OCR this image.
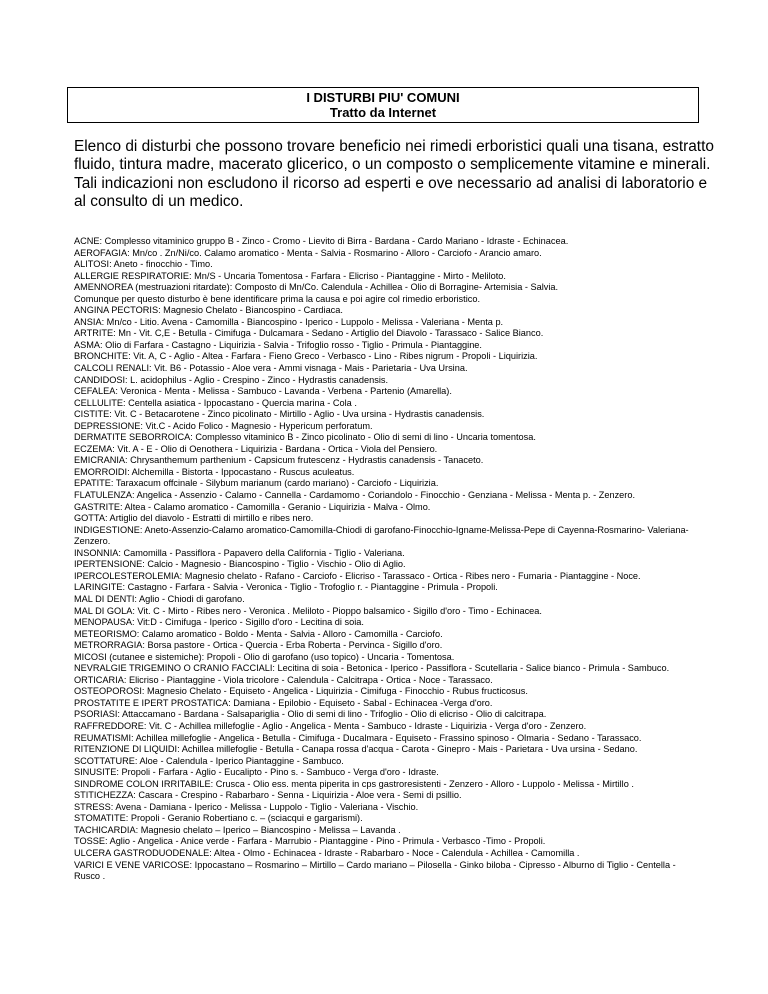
I DISTURBI PIU' COMUNI
Tratto da Internet
Elenco di disturbi che possono trovare beneficio nei rimedi erboristici quali una tisana, estratto fluido, tintura madre, macerato glicerico, o un composto o semplicemente vitamine e minerali.
Tali indicazioni non escludono il ricorso ad esperti e ove necessario ad analisi di laboratorio e al consulto di un medico.

ACNE: Complesso vitaminico gruppo B - Zinco - Cromo - Lievito di Birra - Bardana - Cardo Mariano - Idraste - Echinacea.

AEROFAGIA: Mn/co . Zn/Ni/co. Calamo aromatico - Menta - Salvia - Rosmarino - Alloro - Carciofo - Arancio amaro.

ALITOSI: Aneto - finocchio - Timo.

ALLERGIE RESPIRATORIE: Mn/S - Uncaria Tomentosa - Farfara - Elicriso - Piantaggine - Mirto - Meliloto.

AMENNOREA (mestruazioni ritardate): Composto di Mn/Co. Calendula - Achillea - Olio di Borragine- Artemisia - Salvia.

Comunque per questo disturbo è bene identificare prima la causa e poi agire col rimedio erboristico.

ANGINA PECTORIS: Magnesio Chelato - Biancospino - Cardiaca.

ANSIA: Mn/co - Litio. Avena - Camomilla - Biancospino - Iperico - Luppolo - Melissa - Valeriana - Menta p.

ARTRITE: Mn - Vit. C,E - Betulla - Cimifuga - Dulcamara - Sedano - Artiglio del Diavolo - Tarassaco - Salice Bianco.

ASMA: Olio di Farfara - Castagno - Liquirizia - Salvia - Trifoglio rosso - Tiglio - Primula - Piantaggine.

BRONCHITE: Vit. A, C - Aglio - Altea - Farfara - Fieno Greco - Verbasco - Lino - Ribes nigrum - Propoli - Liquirizia.

CALCOLI RENALI: Vit. B6 - Potassio - Aloe vera - Ammi visnaga - Mais - Parietaria - Uva Ursina.

CANDIDOSI: L. acidophilus - Aglio - Crespino - Zinco - Hydrastis canadensis.

CEFALEA: Veronica - Menta - Melissa - Sambuco - Lavanda - Verbena - Partenio (Amarella).

CELLULITE: Centella asiatica - Ippocastano - Quercia marina - Cola .

CISTITE: Vit. C - Betacarotene - Zinco picolinato - Mirtillo - Aglio - Uva ursina - Hydrastis canadensis.

DEPRESSIONE: Vit.C - Acido Folico - Magnesio - Hypericum perforatum.

DERMATITE SEBORROICA: Complesso vitaminico B - Zinco picolinato - Olio di semi di lino - Uncaria tomentosa.

ECZEMA: Vit. A - E - Olio di Oenothera - Liquirizia - Bardana - Ortica - Viola del Pensiero.

EMICRANIA: Chrysanthemum parthenium - Capsicum frutescenz - Hydrastis canadensis - Tanaceto.

EMORROIDI: Alchemilla - Bistorta - Ippocastano - Ruscus aculeatus.

EPATITE: Taraxacum offcinale - Silybum marianum (cardo mariano) - Carciofo - Liquirizia.

FLATULENZA: Angelica - Assenzio - Calamo - Cannella - Cardamomo - Coriandolo - Finocchio - Genziana - Melissa - Menta p. - Zenzero.

GASTRITE: Altea - Calamo aromatico - Camomilla - Geranio - Liquirizia - Malva - Olmo.

GOTTA: Artiglio del diavolo - Estratti di mirtillo e ribes nero.

INDIGESTIONE: Aneto-Assenzio-Calamo aromatico-Camomilla-Chiodi di garofano-Finocchio-Igname-Melissa-Pepe di Cayenna-Rosmarino- Valeriana-Zenzero.

INSONNIA: Camomilla - Passiflora - Papavero della California - Tiglio - Valeriana.

IPERTENSIONE: Calcio - Magnesio - Biancospino - Tiglio - Vischio - Olio di Aglio.

IPERCOLESTEROLEMIA: Magnesio chelato - Rafano - Carciofo - Elicriso - Tarassaco - Ortica - Ribes nero - Fumaria - Piantaggine - Noce.

LARINGITE: Castagno - Farfara - Salvia - Veronica - Tiglio - Trofoglio r. - Piantaggine - Primula - Propoli.

MAL DI DENTI: Aglio - Chiodi di garofano.

MAL DI GOLA: Vit. C - Mirto - Ribes nero - Veronica . Meliloto - Pioppo balsamico - Sigillo d'oro - Timo - Echinacea.

MENOPAUSA: Vit:D - Cimifuga - Iperico - Sigillo d'oro - Lecitina di soia.

METEORISMO: Calamo aromatico - Boldo - Menta - Salvia - Alloro - Camomilla - Carciofo.

METRORRAGIA: Borsa pastore - Ortica - Quercia - Erba Roberta - Pervinca - Sigillo d'oro.

MICOSI (cutanee e sistemiche): Propoli - Olio di garofano (uso topico) - Uncaria - Tomentosa.

NEVRALGIE TRIGEMINO O CRANIO FACCIALI: Lecitina di soia - Betonica - Iperico - Passiflora - Scutellaria - Salice bianco - Primula - Sambuco.

ORTICARIA: Elicriso - Piantaggine - Viola tricolore - Calendula - Calcitrapa - Ortica - Noce - Tarassaco.

OSTEOPOROSI: Magnesio Chelato - Equiseto - Angelica - Liquirizia - Cimifuga - Finocchio - Rubus fructicosus.

PROSTATITE E IPERT PROSTATICA: Damiana - Epilobio - Equiseto - Sabal - Echinacea -Verga d'oro.

PSORIASI: Attaccamano - Bardana - Salsapariglia - Olio di semi di lino - Trifoglio - Olio di elicriso - Olio di calcitrapa.

RAFFREDDORE: Vit. C - Achillea millefoglie - Aglio - Angelica - Menta - Sambuco - Idraste - Liquirizia - Verga d'oro - Zenzero.

REUMATISMI: Achillea millefoglie - Angelica - Betulla - Cimifuga - Ducalmara - Equiseto - Frassino spinoso - Olmaria - Sedano - Tarassaco.

RITENZIONE DI LIQUIDI: Achillea millefoglie - Betulla - Canapa rossa d'acqua - Carota - Ginepro - Mais - Parietara - Uva ursina - Sedano.

SCOTTATURE: Aloe - Calendula - Iperico Piantaggine - Sambuco.

SINUSITE: Propoli - Farfara - Aglio - Eucalipto - Pino s. - Sambuco - Verga d'oro - Idraste.

SINDROME COLON IRRITABILE: Crusca - Olio ess. menta piperita in cps gastroresistenti - Zenzero - Alloro - Luppolo - Melissa - Mirtillo .

STITICHEZZA: Cascara - Crespino - Rabarbaro - Senna - Liquirizia - Aloe vera - Semi di psillio.

STRESS: Avena - Damiana - Iperico - Melissa - Luppolo - Tiglio - Valeriana - Vischio.

STOMATITE: Propoli - Geranio Robertiano c. – (sciacqui e gargarismi).

TACHICARDIA: Magnesio chelato – Iperico – Biancospino - Melissa – Lavanda .

TOSSE: Aglio - Angelica - Anice verde - Farfara - Marrubio - Piantaggine - Pino - Primula - Verbasco -Timo - Propoli.

ULCERA GASTRODUODENALE: Altea - Olmo - Echinacea - Idraste - Rabarbaro - Noce - Calendula - Achillea - Camomilla .

VARICI E VENE VARICOSE: Ippocastano – Rosmarino – Mirtillo – Cardo mariano – Pilosella - Ginko biloba - Cipresso - Alburno di Tiglio - Centella - Rusco .
